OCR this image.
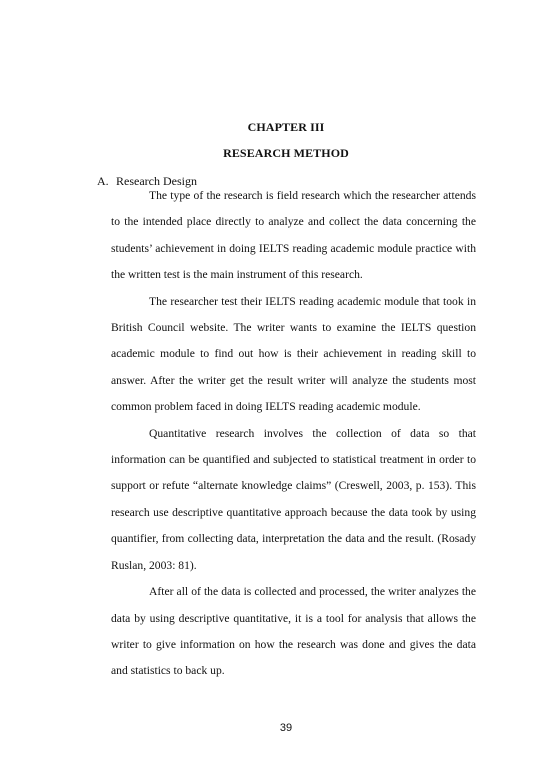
CHAPTER III
RESEARCH METHOD
A. Research Design

The type of the research is field research which the researcher attends to the intended place directly to analyze and collect the data concerning the students’ achievement in doing IELTS reading academic module practice with the written test is the main instrument of this research.

The researcher test their IELTS reading academic module that took in British Council website. The writer wants to examine the IELTS question academic module to find out how is their achievement in reading skill to answer. After the writer get the result writer will analyze the students most common problem faced in doing IELTS reading academic module.

Quantitative research involves the collection of data so that information can be quantified and subjected to statistical treatment in order to support or refute “alternate knowledge claims” (Creswell, 2003, p. 153). This research use descriptive quantitative approach because the data took by using quantifier, from collecting data, interpretation the data and the result. (Rosady Ruslan, 2003: 81).

After all of the data is collected and processed, the writer analyzes the data by using descriptive quantitative, it is a tool for analysis that allows the writer to give information on how the research was done and gives the data and statistics to back up.

39
